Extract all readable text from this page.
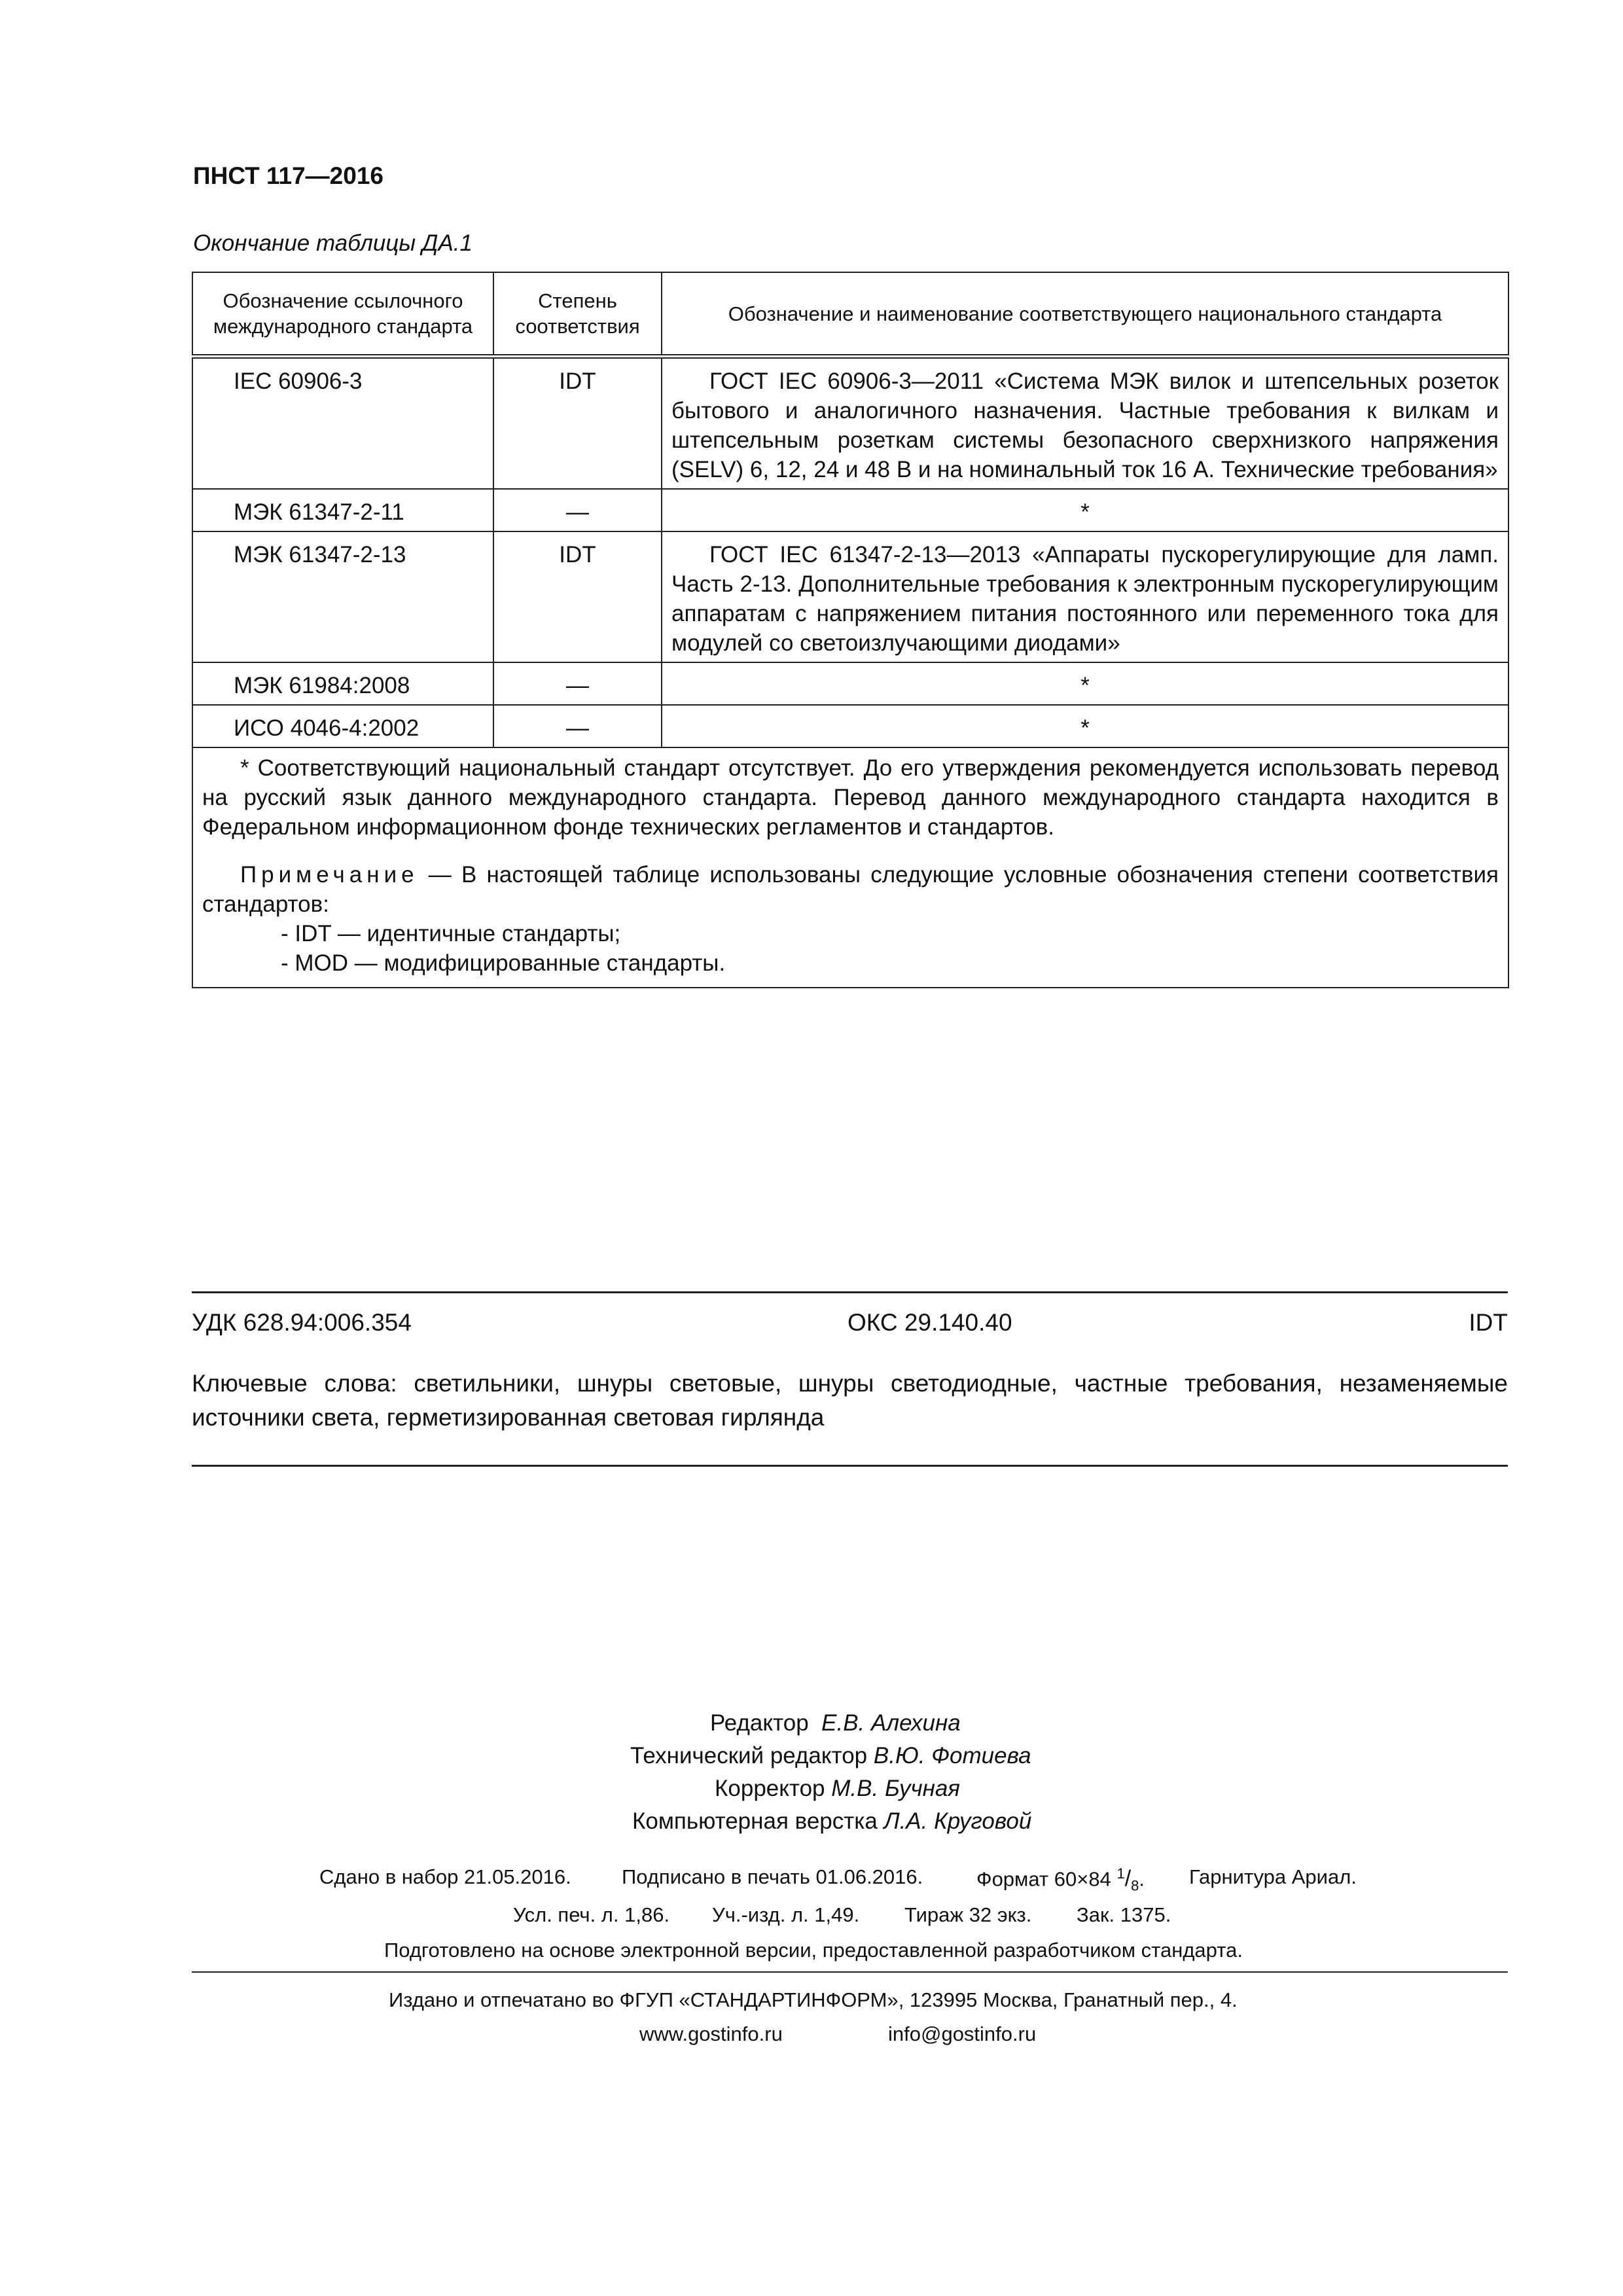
ПНСТ 117—2016
Окончание таблицы ДА.1
Обозначение ссылочного международного стандарта	Степень соответствия	Обозначение и наименование соответствующего национального стандарта
IEC 60906-3	IDT	ГОСТ IEC 60906-3—2011 «Система МЭК вилок и штепсельных розеток бытового и аналогичного назначения. Частные требования к вилкам и штепсельным розеткам системы безопасного сверхнизкого напряжения (SELV) 6, 12, 24 и 48 В и на номинальный ток 16 А. Технические требования»

МЭК 61347-2-11	—	*
МЭК 61347-2-13	IDT	ГОСТ IEC 61347-2-13—2013 «Аппараты пускорегулирующие для ламп. Часть 2-13. Дополнительные требования к электронным пускорегулирующим аппаратам с напряжением питания постоянного или переменного тока для модулей со светоизлучающими диодами»

МЭК 61984:2008	—	*
ИСО 4046-4:2002	—	*

* Соответствующий национальный стандарт отсутствует. До его утверждения рекомендуется использовать перевод на русский язык данного международного стандарта. Перевод данного международного стандарта находится в Федеральном информационном фонде технических регламентов и стандартов.
Примечание — В настоящей таблице использованы следующие условные обозначения степени соответствия стандартов:
- IDT — идентичные стандарты;
- MOD — модифицированные стандарты.		
УДК 628.94:006.354	ОКС 29.140.40	IDT
Ключевые слова: светильники, шнуры световые, шнуры светодиодные, частные требования, незаменяемые источники света, герметизированная световая гирлянда
Редактор Е.В. Алехина
Технический редактор В.Ю. Фотиева
Корректор М.В. Бучная
Компьютерная верстка Л.А. Круговой
Сдано в набор 21.05.2016. Подписано в печать 01.06.2016.	Формат 60×84 $^1/_8$. Гарнитура Ариал.
Усл. печ. л. 1,86. Уч.-изд. л. 1,49. Тираж 32 экз. Зак. 1375.
Подготовлено на основе электронной версии, предоставленной разработчиком стандарта.
Издано и отпечатано во ФГУП «СТАНДАРТИНФОРМ», 123995 Москва, Гранатный пер., 4.
www.gostinfo.ru	info@gostinfo.ru
